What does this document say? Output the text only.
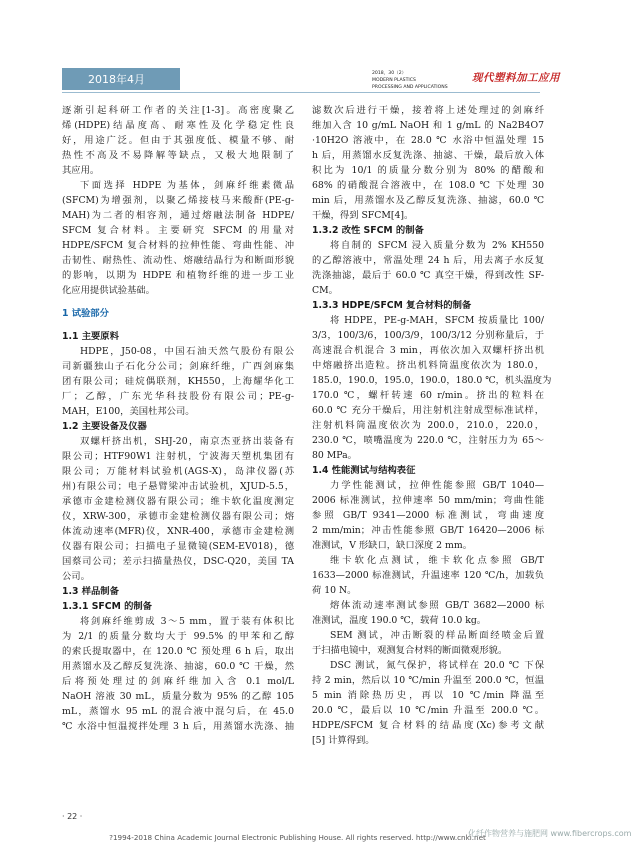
2018年4月	2018，30（2）
MODERN PLASTICS
PROCESSING AND APPLICATIONS
现代塑料加工应用
逐渐引起科研工作者的关注[1-3]。高密度聚乙
烯(HDPE)结晶度高、耐寒性及化学稳定性良
好，用途广泛。但由于其强度低、模量不够、耐
热性不高及不易降解等缺点，又极大地限制了
其应用。
下面选择 HDPE 为基体，剑麻纤维素微晶
(SFCM)为增强剂，以聚乙烯接枝马来酸酐(PE-g-
MAH)为二者的相容剂，通过熔融法制备 HDPE/
SFCM 复合材料。主要研究 SFCM 的用量对
HDPE/SFCM 复合材料的拉伸性能、弯曲性能、冲
击韧性、耐热性、流动性、熔融结晶行为和断面形貌
的影响，以期为 HDPE 和植物纤维的进一步工业
化应用提供试验基础。
1 试验部分
1.1 主要原料
HDPE，J50-08，中国石油天然气股份有限公
司新疆独山子石化分公司；剑麻纤维，广西剑麻集
团有限公司；硅烷偶联剂，KH550，上海耀华化工
厂；乙醇，广东光华科技股份有限公司；PE-g-
MAH，E100，美国杜邦公司。
1.2 主要设备及仪器
双螺杆挤出机，SHJ-20，南京杰亚挤出装备有
限公司；HTF90W1 注射机，宁波海天塑机集团有
限公司；万能材料试验机(AGS-X)，岛津仪器(苏
州)有限公司；电子悬臂梁冲击试验机，XJUD-5.5，
承德市金建检测仪器有限公司；维卡软化温度测定
仪，XRW-300，承德市金建检测仪器有限公司；熔
体流动速率(MFR)仪，XNR-400，承德市金建检测
仪器有限公司；扫描电子显微镜(SEM-EV018)，德
国蔡司公司；差示扫描量热仪，DSC-Q20，美国 TA
公司。
1.3 样品制备
1.3.1 SFCM 的制备
将剑麻纤维剪成 3～5 mm，置于装有体积比
为 2/1 的质量分数均大于 99.5% 的甲苯和乙醇
的索氏提取器中，在 120.0 ℃ 预处理 6 h 后，取出
用蒸馏水及乙醇反复洗涤、抽滤，60.0 ℃ 干燥，然
后将预处理过的剑麻纤维加入含 0.1 mol/L
NaOH 溶液 30 mL，质量分数为 95% 的乙醇 105
mL，蒸馏水 95 mL 的混合液中混匀后，在 45.0
℃ 水浴中恒温搅拌处理 3 h 后，用蒸馏水洗涤、抽
滤数次后进行干燥，接着将上述处理过的剑麻纤
维加入含 10 g/mL NaOH 和 1 g/mL 的 Na2B4O7
·10H2O 溶液中，在 28.0 ℃ 水浴中恒温处理 15
h 后，用蒸馏水反复洗涤、抽滤、干燥，最后放入体
积比为 10/1 的质量分数分别为 80% 的醋酸和
68% 的硝酸混合溶液中，在 108.0 ℃ 下处理 30
min 后，用蒸馏水及乙醇反复洗涤、抽滤，60.0 ℃
干燥，得到 SFCM[4]。
1.3.2 改性 SFCM 的制备
将自制的 SFCM 浸入质量分数为 2% KH550
的乙醇溶液中，常温处理 24 h 后，用去离子水反复
洗涤抽滤，最后于 60.0 ℃ 真空干燥，得到改性 SF-
CM。
1.3.3 HDPE/SFCM 复合材料的制备
将 HDPE，PE-g-MAH，SFCM 按质量比 100/
3/3，100/3/6，100/3/9，100/3/12 分别称量后，于
高速混合机混合 3 min，再依次加入双螺杆挤出机
中熔融挤出造粒。挤出机料筒温度依次为 180.0，
185.0，190.0，195.0，190.0，180.0 ℃，机头温度为
170.0 ℃，螺杆转速 60 r/min。挤出的粒料在
60.0 ℃ 充分干燥后，用注射机注射成型标准试样，
注射机料筒温度依次为 200.0，210.0，220.0，
230.0 ℃，喷嘴温度为 220.0 ℃，注射压力为 65～
80 MPa。
1.4 性能测试与结构表征
力学性能测试，拉伸性能参照 GB/T 1040—
2006 标准测试，拉伸速率 50 mm/min；弯曲性能
参照 GB/T 9341—2000 标准测试，弯曲速度
2 mm/min；冲击性能参照 GB/T 16420—2006 标
准测试，V 形缺口，缺口深度 2 mm。
维卡软化点测试，维卡软化点参照 GB/T
1633—2000 标准测试，升温速率 120 ℃/h，加载负
荷 10 N。
熔体流动速率测试参照 GB/T 3682—2000 标
准测试，温度 190.0 ℃，载荷 10.0 kg。
SEM 测试，冲击断裂的样品断面经喷金后置
于扫描电镜中，观测复合材料的断面微观形貌。
DSC 测试，氮气保护，将试样在 20.0 ℃ 下保
持 2 min，然后以 10 ℃/min 升温至 200.0 ℃，恒温
5 min 消除热历史，再以 10 ℃/min 降温至
20.0 ℃，最后以 10 ℃/min 升温至 200.0 ℃。
HDPE/SFCM 复合材料的结晶度(Xc)参考文献
[5] 计算得到。
· 22 ·
?1994-2018 China Academic Journal Electronic Publishing House. All rights reserved. http://www.cnki.net
化纤作物营养与施肥网 www.fibercrops.com
